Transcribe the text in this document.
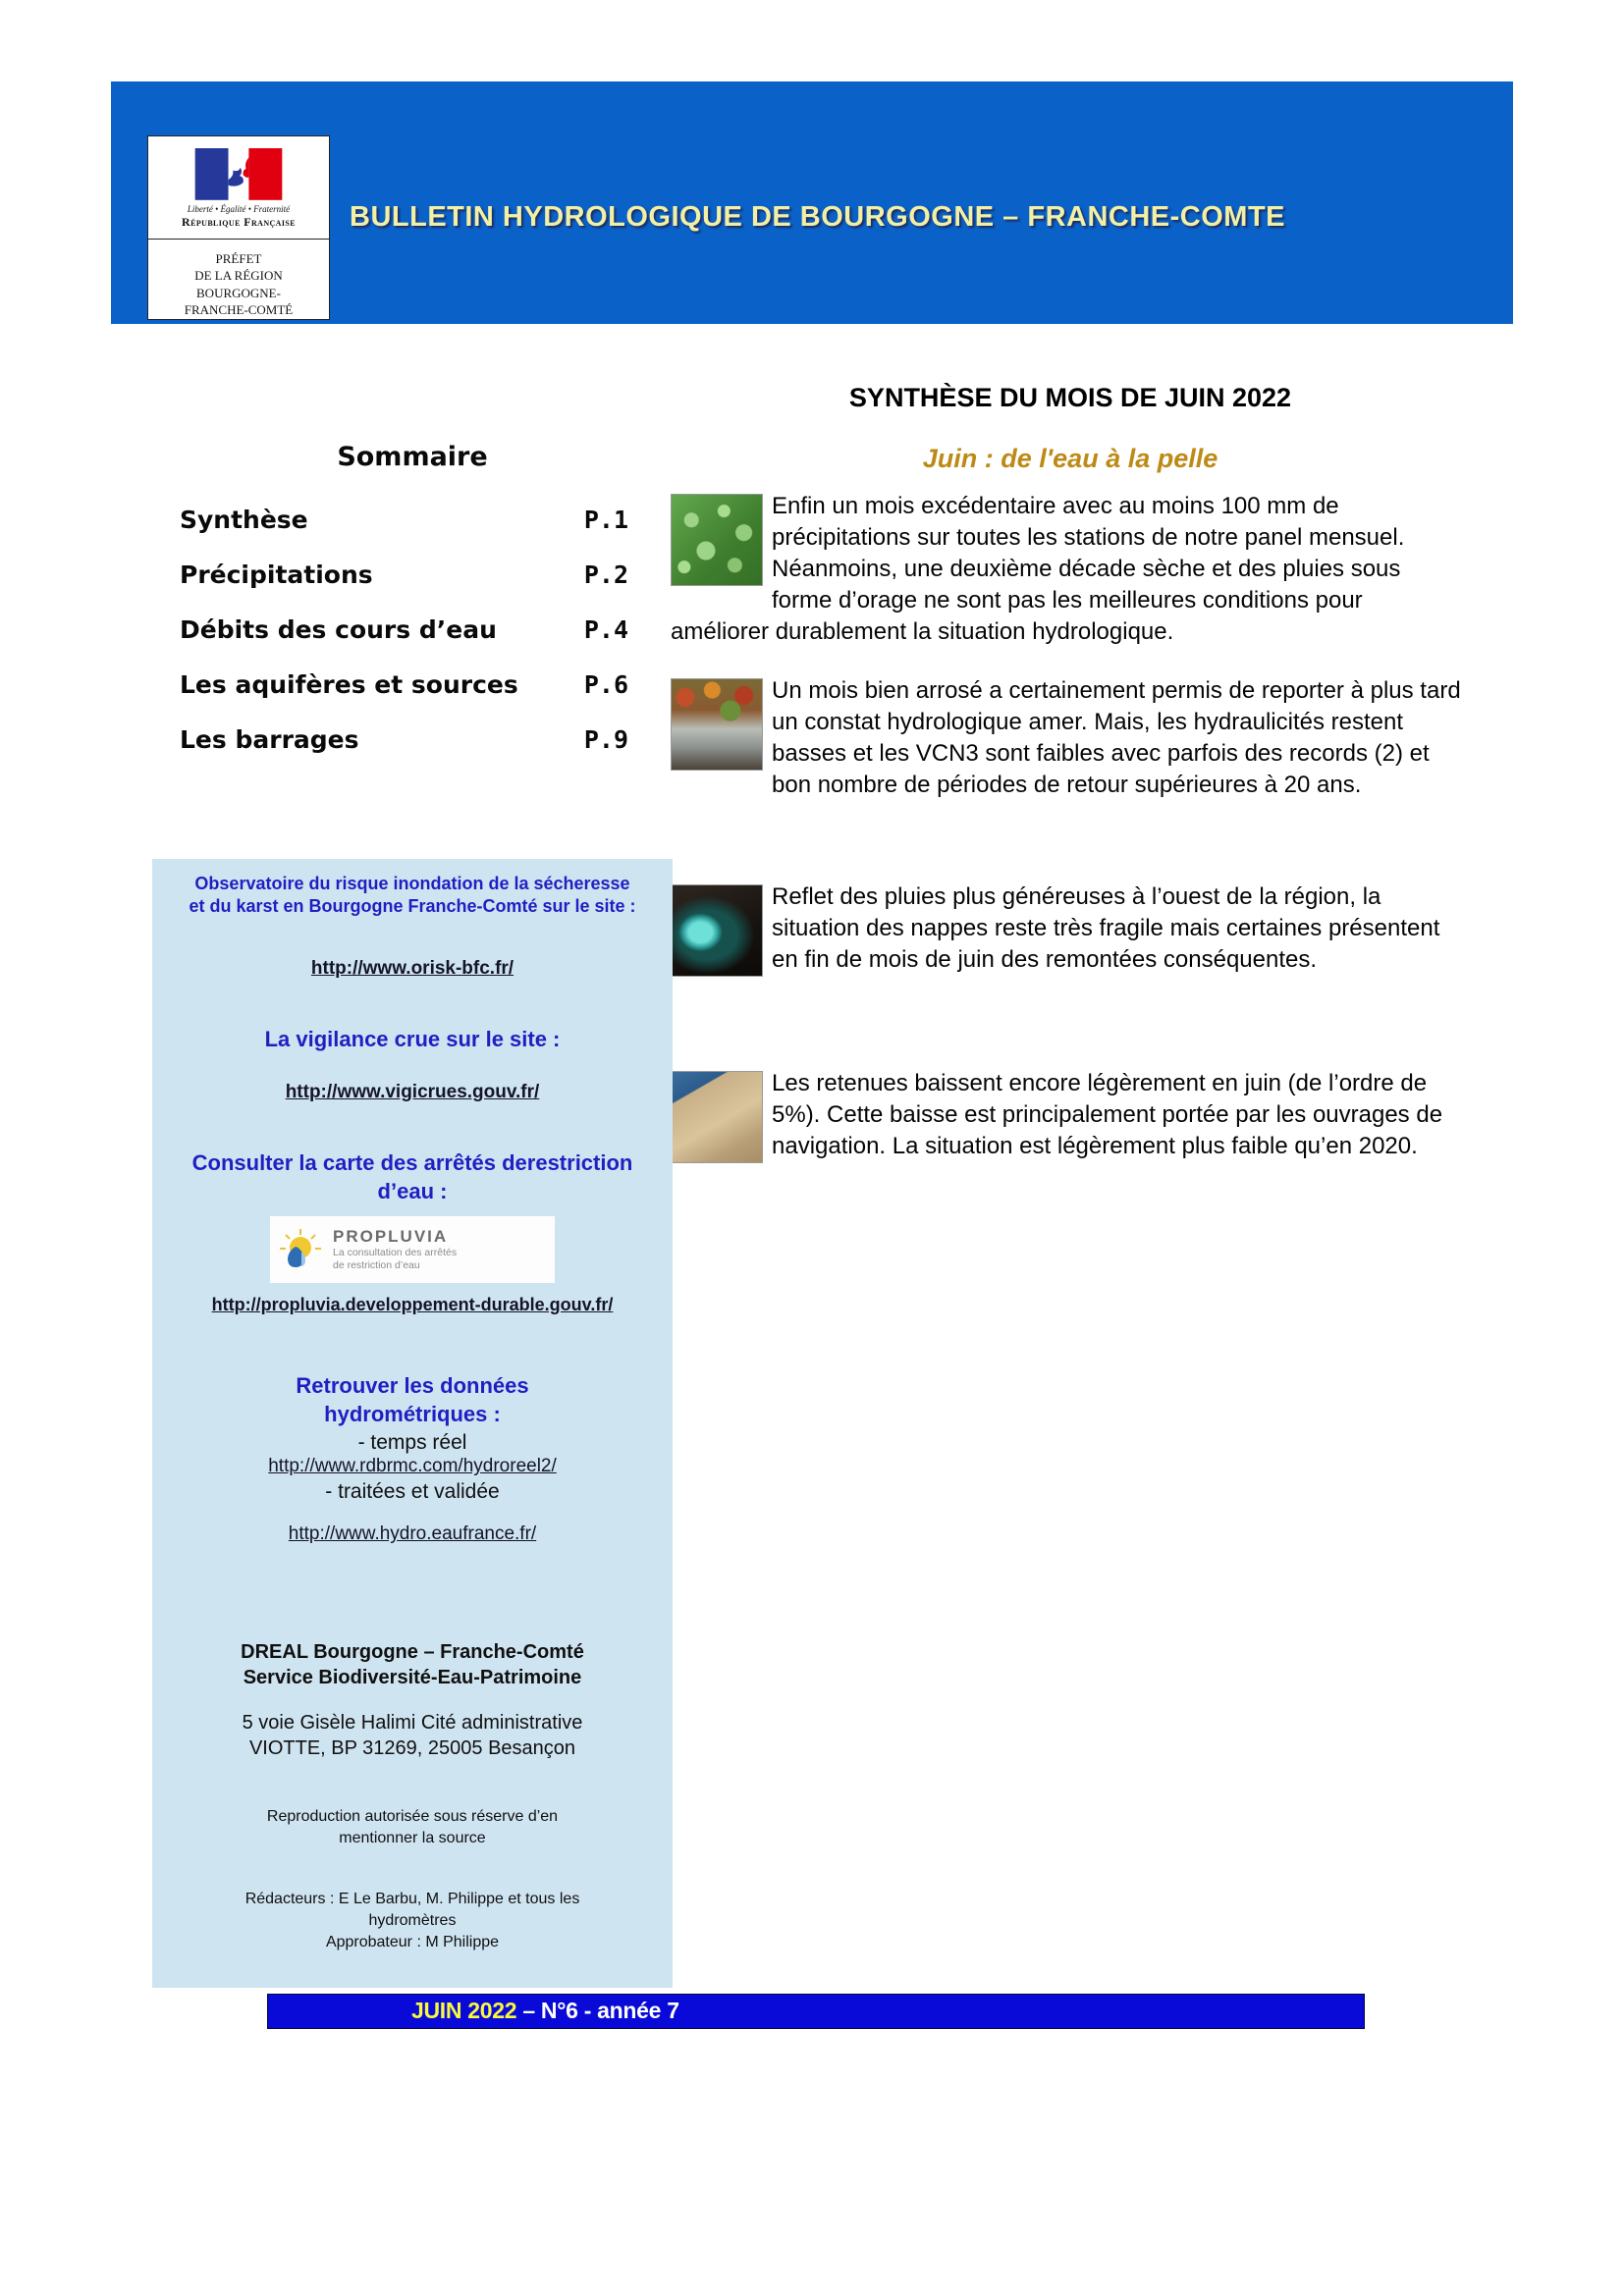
Liberté • Égalité • Fraternité
République Française
PRÉFET
DE LA RÉGION
BOURGOGNE-
FRANCHE-COMTÉ
BULLETIN HYDROLOGIQUE DE BOURGOGNE – FRANCHE-COMTE
SYNTHÈSE DU MOIS DE JUIN 2022
Juin : de l'eau à la pelle
Sommaire
Synthèse	P.1
Précipitations	P.2
Débits des cours d’eau	P.4
Les aquifères et sources	P.6
Les barrages	P.9

Enfin un mois excédentaire avec au moins 100 mm de précipitations sur toutes les stations de notre panel mensuel. Néanmoins, une deuxième décade sèche et des pluies sous forme d’orage ne sont pas les meilleures conditions pour améliorer durablement la situation hydrologique.

Un mois bien arrosé a certainement permis de reporter à plus tard un constat hydrologique amer. Mais, les hydraulicités restent basses et les VCN3 sont faibles avec parfois des records (2) et bon nombre de périodes de retour supérieures à 20 ans.

Reflet des pluies plus généreuses à l’ouest de la région, la situation des nappes reste très fragile mais certaines présentent en fin de mois de juin des remontées conséquentes.

Les retenues baissent encore légèrement en juin (de l’ordre de 5%). Cette baisse est principalement portée par les ouvrages de navigation. La situation est légèrement plus faible qu’en 2020.

Observatoire du risque inondation de la sécheresse et du karst en Bourgogne Franche-Comté sur le site :
http://www.orisk-bfc.fr/
La vigilance crue sur le site :
http://www.vigicrues.gouv.fr/
Consulter la carte des arrêtés derestriction d’eau :
PROPLUVIA
La consultation des arrêtés
de restriction d’eau
http://propluvia.developpement-durable.gouv.fr/
Retrouver les données hydrométriques :
- temps réel
http://www.rdbrmc.com/hydroreel2/
- traitées et validée
http://www.hydro.eaufrance.fr/
DREAL Bourgogne – Franche-Comté
Service Biodiversité-Eau-Patrimoine
5 voie Gisèle Halimi Cité administrative
VIOTTE, BP 31269, 25005 Besançon
Reproduction autorisée sous réserve d’en mentionner la source
Rédacteurs : E Le Barbu, M. Philippe et tous les hydromètres
Approbateur : M Philippe
JUIN 2022 – N°6 - année 7
